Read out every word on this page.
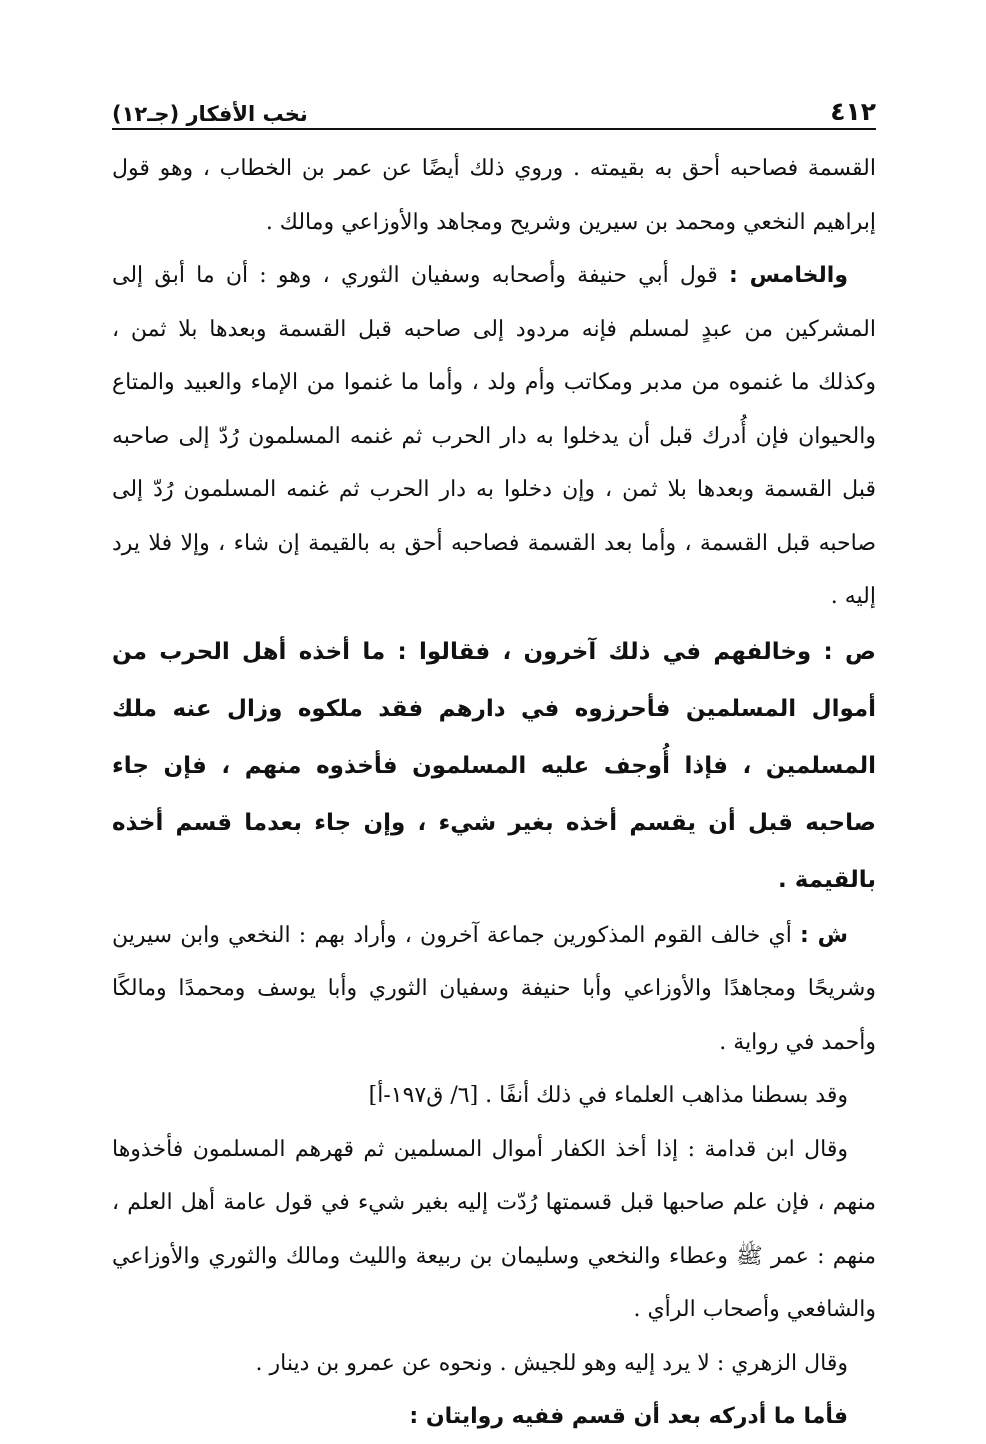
٤١٢
نخب الأفكار (جـ١٢)

القسمة فصاحبه أحق به بقيمته . وروي ذلك أيضًا عن عمر بن الخطاب ، وهو قول إبراهيم النخعي ومحمد بن سيرين وشريح ومجاهد والأوزاعي ومالك .

والخامس : قول أبي حنيفة وأصحابه وسفيان الثوري ، وهو : أن ما أبق إلى المشركين من عبدٍ لمسلم فإنه مردود إلى صاحبه قبل القسمة وبعدها بلا ثمن ، وكذلك ما غنموه من مدبر ومكاتب وأم ولد ، وأما ما غنموا من الإماء والعبيد والمتاع والحيوان فإن أُدرك قبل أن يدخلوا به دار الحرب ثم غنمه المسلمون رُدّ إلى صاحبه قبل القسمة وبعدها بلا ثمن ، وإن دخلوا به دار الحرب ثم غنمه المسلمون رُدّ إلى صاحبه قبل القسمة ، وأما بعد القسمة فصاحبه أحق به بالقيمة إن شاء ، وإلا فلا يرد إليه .

ص : وخالفهم في ذلك آخرون ، فقالوا : ما أخذه أهل الحرب من أموال المسلمين فأحرزوه في دارهم فقد ملكوه وزال عنه ملك المسلمين ، فإذا أُوجف عليه المسلمون فأخذوه منهم ، فإن جاء صاحبه قبل أن يقسم أخذه بغير شيء ، وإن جاء بعدما قسم أخذه بالقيمة .

ش : أي خالف القوم المذكورين جماعة آخرون ، وأراد بهم : النخعي وابن سيرين وشريحًا ومجاهدًا والأوزاعي وأبا حنيفة وسفيان الثوري وأبا يوسف ومحمدًا ومالكًا وأحمد في رواية .

وقد بسطنا مذاهب العلماء في ذلك أنفًا . [٦/ ق١٩٧-أ]

وقال ابن قدامة : إذا أخذ الكفار أموال المسلمين ثم قهرهم المسلمون فأخذوها منهم ، فإن علم صاحبها قبل قسمتها رُدّت إليه بغير شيء في قول عامة أهل العلم ، منهم : عمر ﷺ وعطاء والنخعي وسليمان بن ربيعة والليث ومالك والثوري والأوزاعي والشافعي وأصحاب الرأي .

وقال الزهري : لا يرد إليه وهو للجيش . ونحوه عن عمرو بن دينار .

فأما ما أدركه بعد أن قسم ففيه روايتان :
